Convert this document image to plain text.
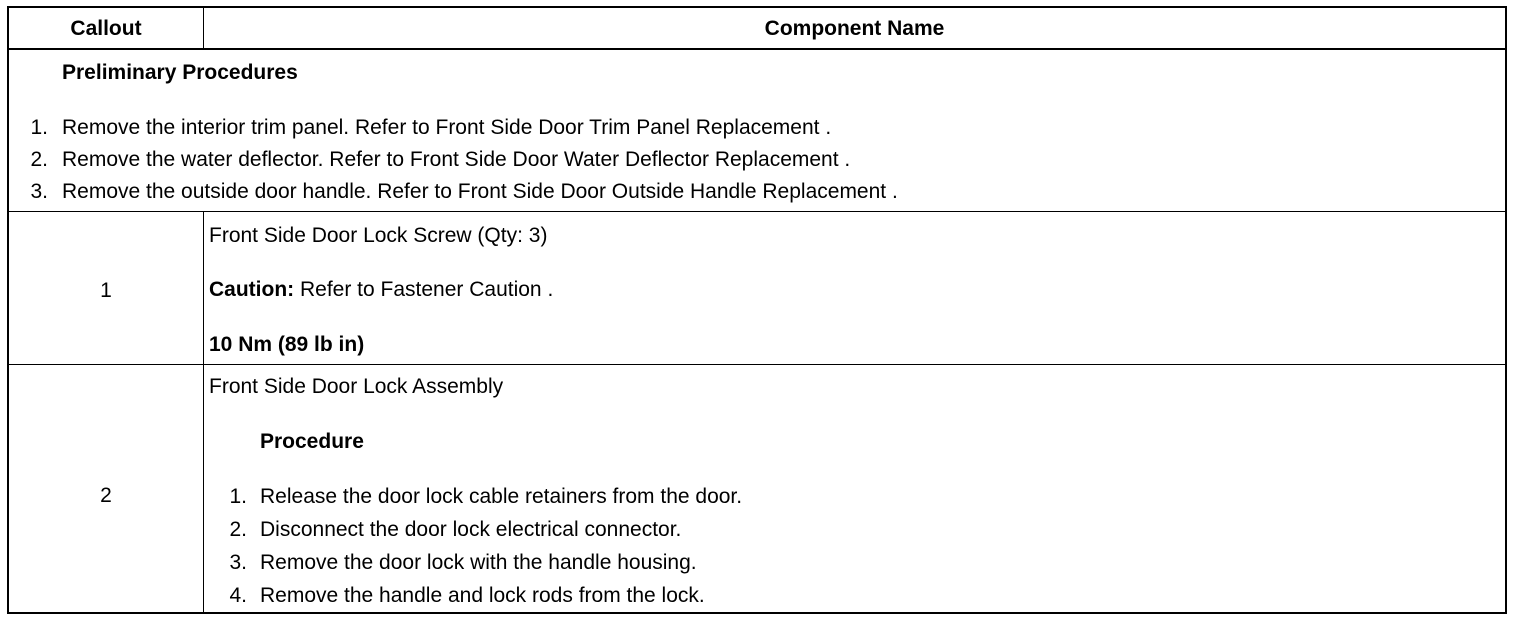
Callout	Component Name
Preliminary Procedures
1. Remove the interior trim panel. Refer to Front Side Door Trim Panel Replacement .
2. Remove the water deflector. Refer to Front Side Door Water Deflector Replacement .
3. Remove the outside door handle. Refer to Front Side Door Outside Handle Replacement .
1
Front Side Door Lock Screw (Qty: 3)
Caution: Refer to Fastener Caution .
10 Nm (89 lb in)
2
Front Side Door Lock Assembly
Procedure
1. Release the door lock cable retainers from the door.
2. Disconnect the door lock electrical connector.
3. Remove the door lock with the handle housing.
4. Remove the handle and lock rods from the lock.
